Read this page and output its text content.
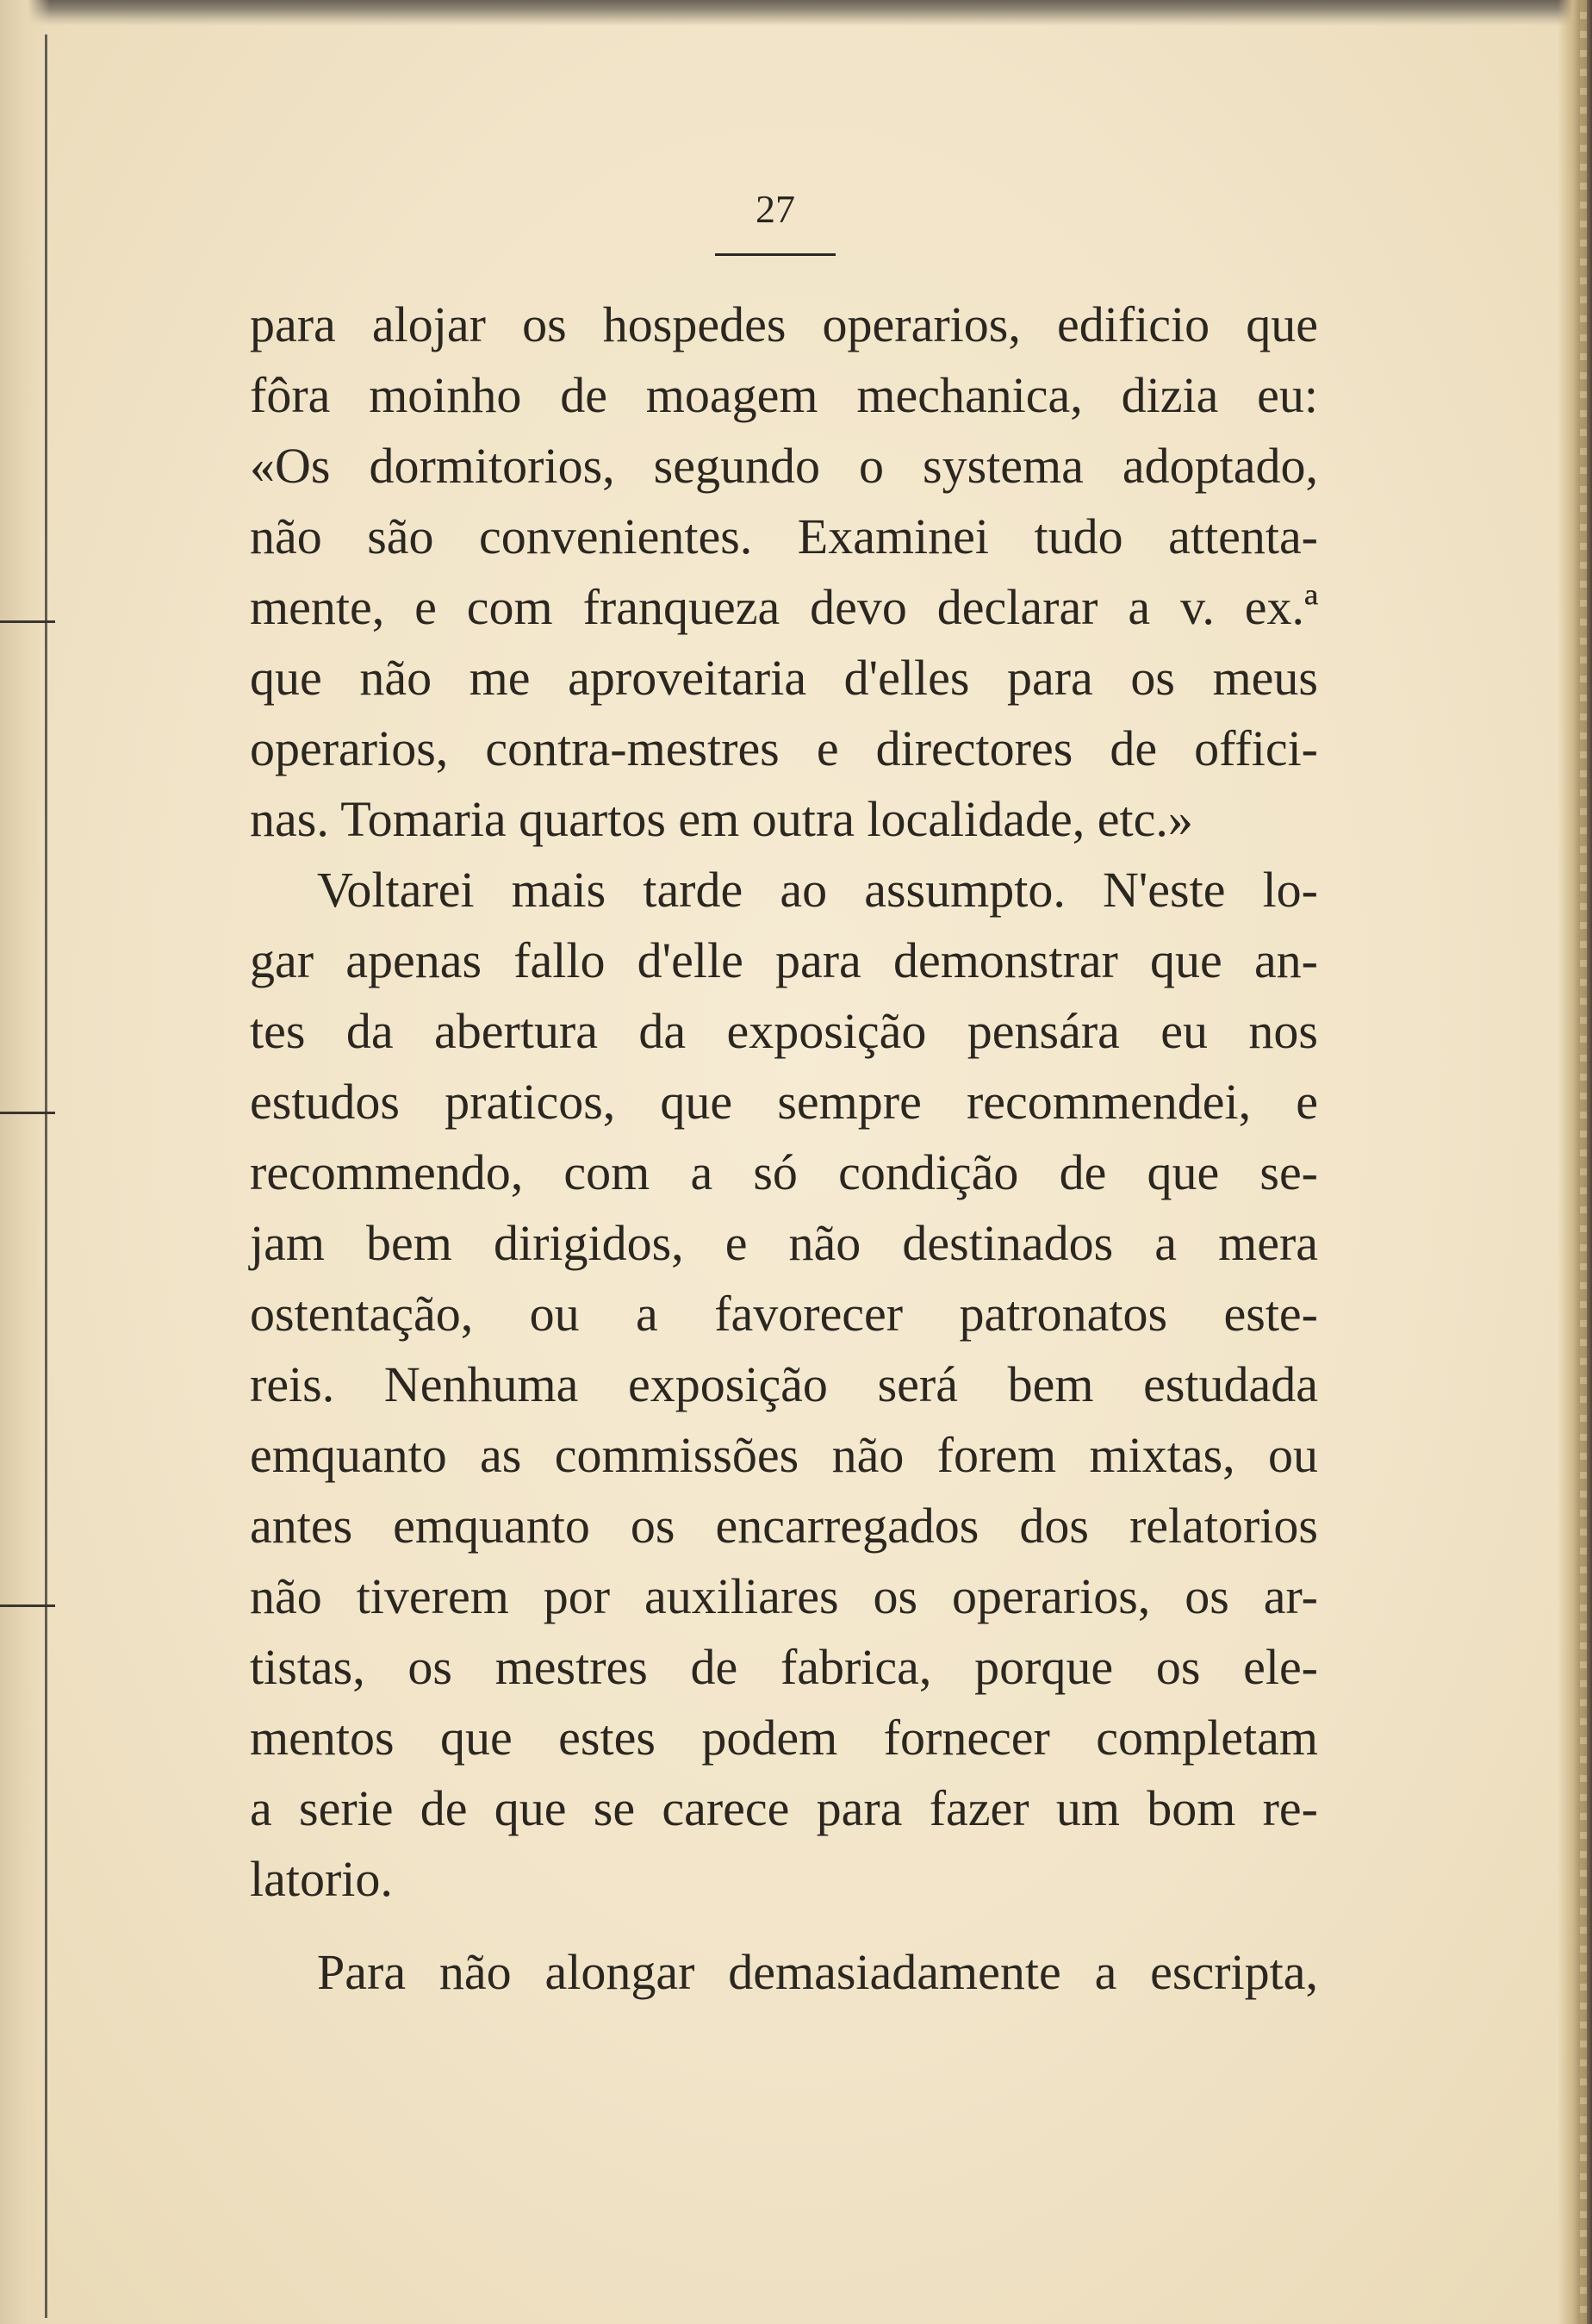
27
para alojar os hospedes operarios, edificio que
fôra moinho de moagem mechanica, dizia eu:
«Os dormitorios, segundo o systema adoptado,
não são convenientes. Examinei tudo attenta-
mente, e com franqueza devo declarar a v. ex.ª
que não me aproveitaria d'elles para os meus
operarios, contra-mestres e directores de offici-
nas. Tomaria quartos em outra localidade, etc.»
Voltarei mais tarde ao assumpto. N'este lo-
gar apenas fallo d'elle para demonstrar que an-
tes da abertura da exposição pensára eu nos
estudos praticos, que sempre recommendei, e
recommendo, com a só condição de que se-
jam bem dirigidos, e não destinados a mera
ostentação, ou a favorecer patronatos este-
reis. Nenhuma exposição será bem estudada
emquanto as commissões não forem mixtas, ou
antes emquanto os encarregados dos relatorios
não tiverem por auxiliares os operarios, os ar-
tistas, os mestres de fabrica, porque os ele-
mentos que estes podem fornecer completam
a serie de que se carece para fazer um bom re-
latorio.
Para não alongar demasiadamente a escripta,
